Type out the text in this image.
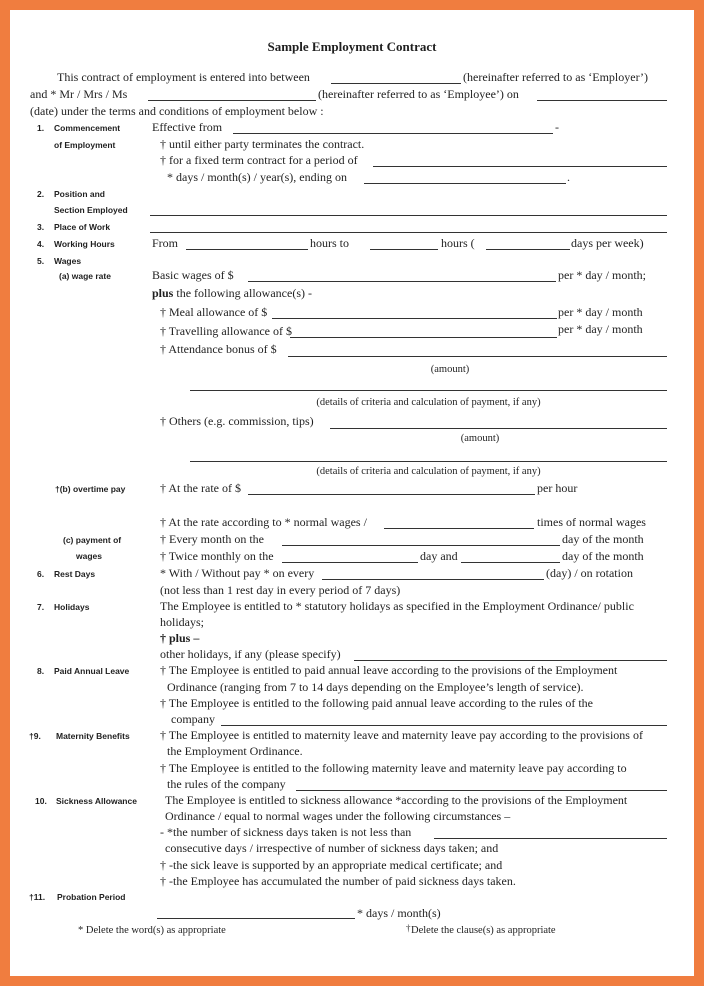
Sample Employment Contract
This contract of employment is entered into between	(hereinafter referred to as ‘Employer’)
and * Mr / Mrs / Ms	(hereinafter referred to as ‘Employee’) on
(date) under the terms and conditions of employment below :
1. Commencement
of Employment
Effective from	-
† until either party terminates the contract.
† for a fixed term contract for a period of
* days / month(s) / year(s), ending on	.
2. Position and
Section Employed
3. Place of Work
4. Working Hours	From	hours to	hours (	days per week)
5. Wages
(a) wage rate	Basic wages of $	per * day / month;
plus the following allowance(s) -
† Meal allowance of $	per * day / month
† Travelling allowance of $	per * day / month
† Attendance bonus of $
(amount)
(details of criteria and calculation of payment, if any)
† Others (e.g. commission, tips)
(amount)
(details of criteria and calculation of payment, if any)
†(b) overtime pay	† At the rate of $	per hour
† At the rate according to * normal wages /	times of normal wages
(c) payment of
wages
† Every month on the	day of the month
† Twice monthly on the	day and	day of the month
6. Rest Days	* With / Without pay * on every	(day) / on rotation
(not less than 1 rest day in every period of 7 days)
7. Holidays	The Employee is entitled to * statutory holidays as specified in the Employment Ordinance/ public
holidays;
† plus –
other holidays, if any (please specify)
8. Paid Annual Leave	† The Employee is entitled to paid annual leave according to the provisions of the Employment
Ordinance (ranging from 7 to 14 days depending on the Employee’s length of service).
† The Employee is entitled to the following paid annual leave according to the rules of the
company
†9. Maternity Benefits	† The Employee is entitled to maternity leave and maternity leave pay according to the provisions of
the Employment Ordinance.
† The Employee is entitled to the following maternity leave and maternity leave pay according to
the rules of the company
10. Sickness Allowance The Employee is entitled to sickness allowance *according to the provisions of the Employment
Ordinance / equal to normal wages under the following circumstances –
- *the number of sickness days taken is not less than
consecutive days / irrespective of number of sickness days taken; and
† -the sick leave is supported by an appropriate medical certificate; and
† -the Employee has accumulated the number of paid sickness days taken.
†11. Probation Period
* days / month(s)
* Delete the word(s) as appropriate	† Delete the clause(s) as appropriate
